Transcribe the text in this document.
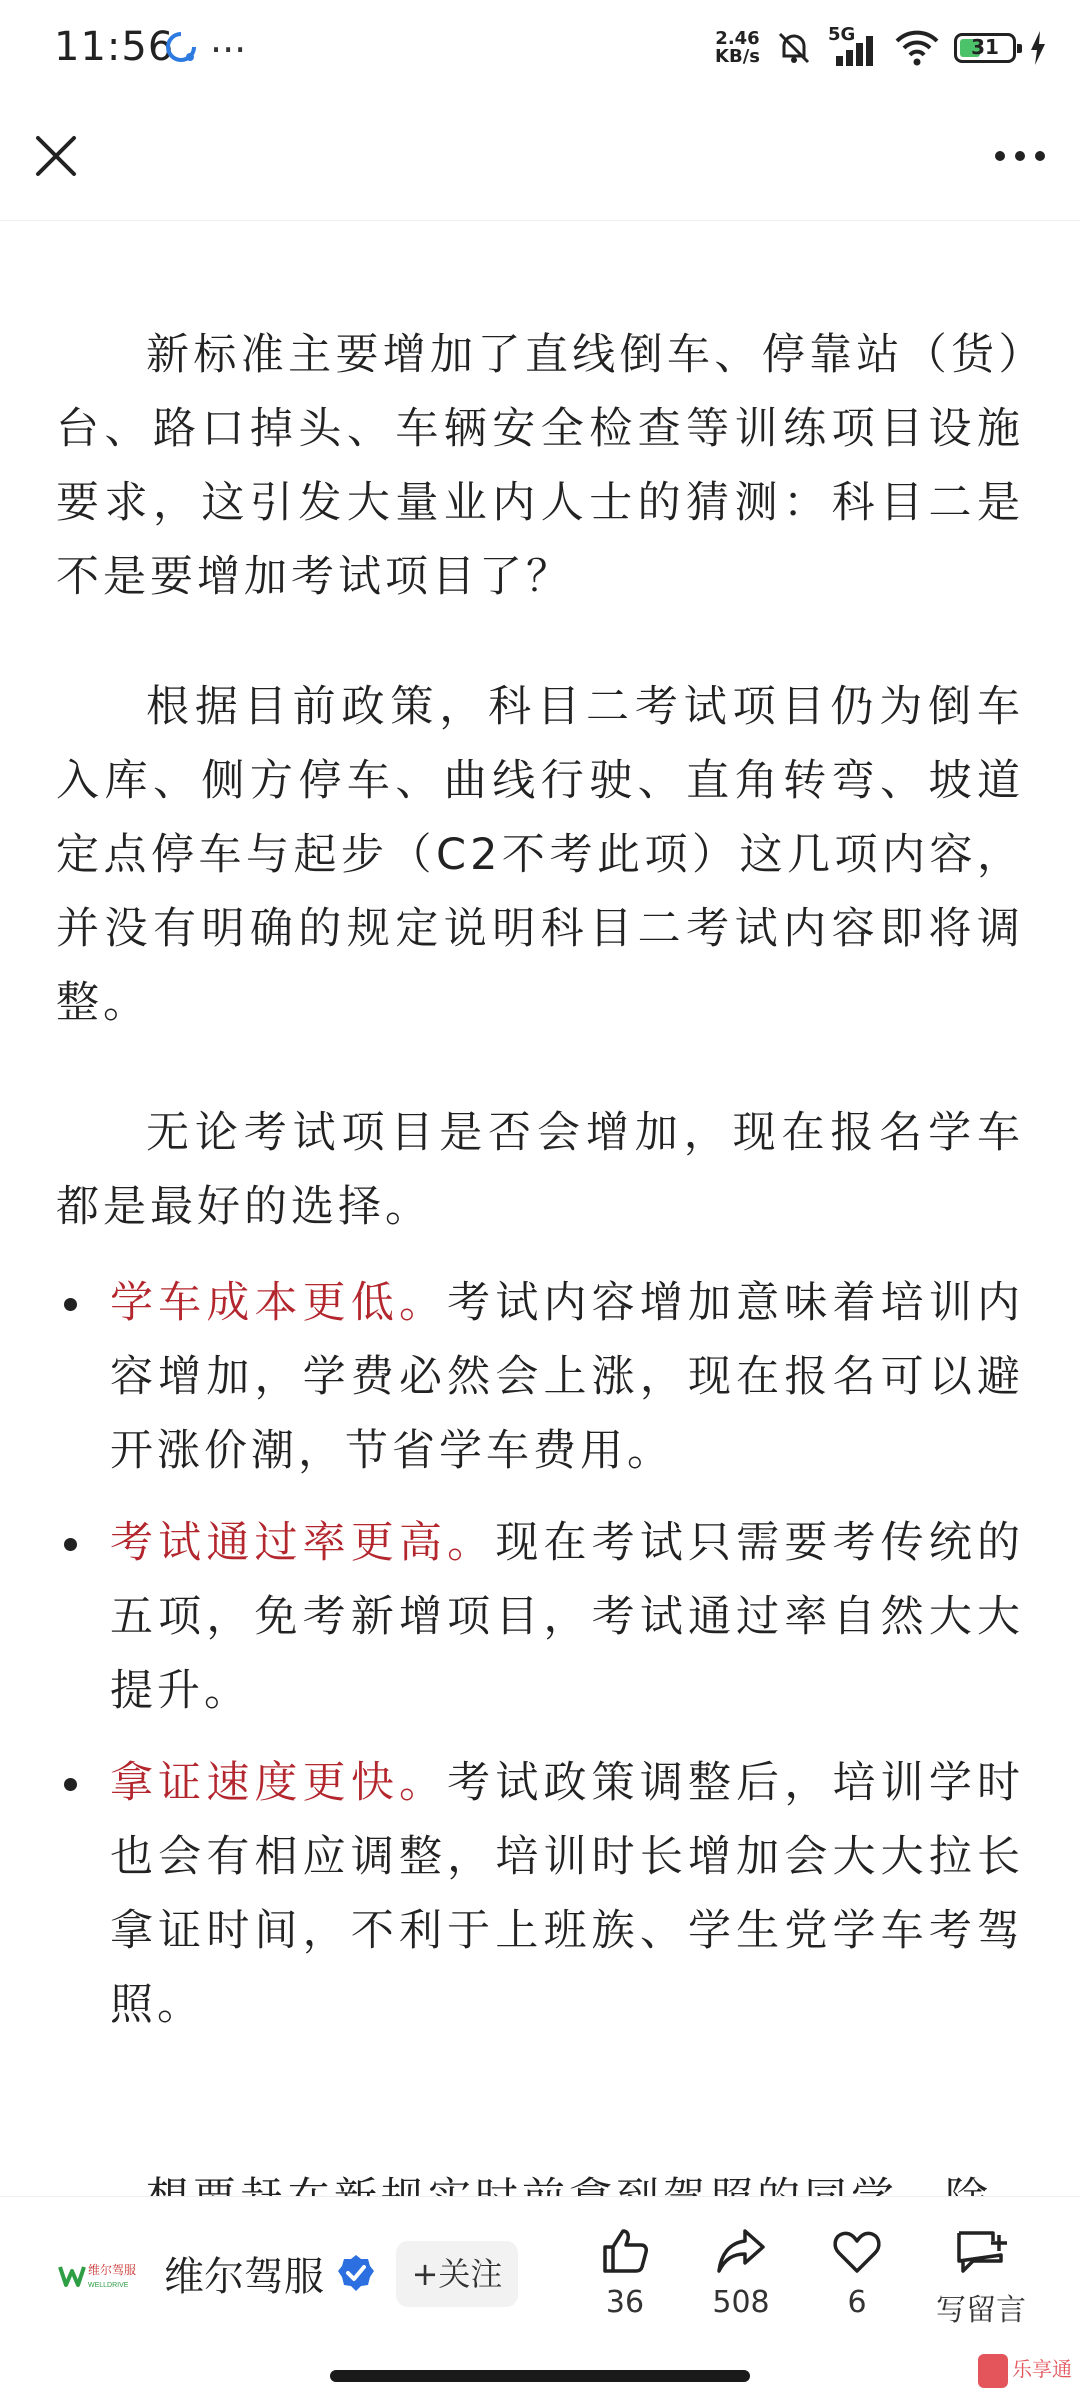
11:56 ···	2.46
KB/s
5G
31

新标准主要增加了直线倒车、停靠站（货）台、路口掉头、车辆安全检查等训练项目设施要求，这引发大量业内人士的猜测：科目二是不是要增加考试项目了？

根据目前政策，科目二考试项目仍为倒车入库、侧方停车、曲线行驶、直角转弯、坡道定点停车与起步（C2不考此项）这几项内容，并没有明确的规定说明科目二考试内容即将调整。

无论考试项目是否会增加，现在报名学车都是最好的选择。

学车成本更低。考试内容增加意味着培训内容增加，学费必然会上涨，现在报名可以避开涨价潮，节省学车费用。
考试通过率更高。现在考试只需要考传统的五项，免考新增项目，考试通过率自然大大提升。
拿证速度更快。考试政策调整后，培训学时也会有相应调整，培训时长增加会大大拉长拿证时间，不利于上班族、学生党学车考驾照。

维尔驾服
WELLDRIVE 维尔驾服	+关注
36	508	6	写留言
乐享通
